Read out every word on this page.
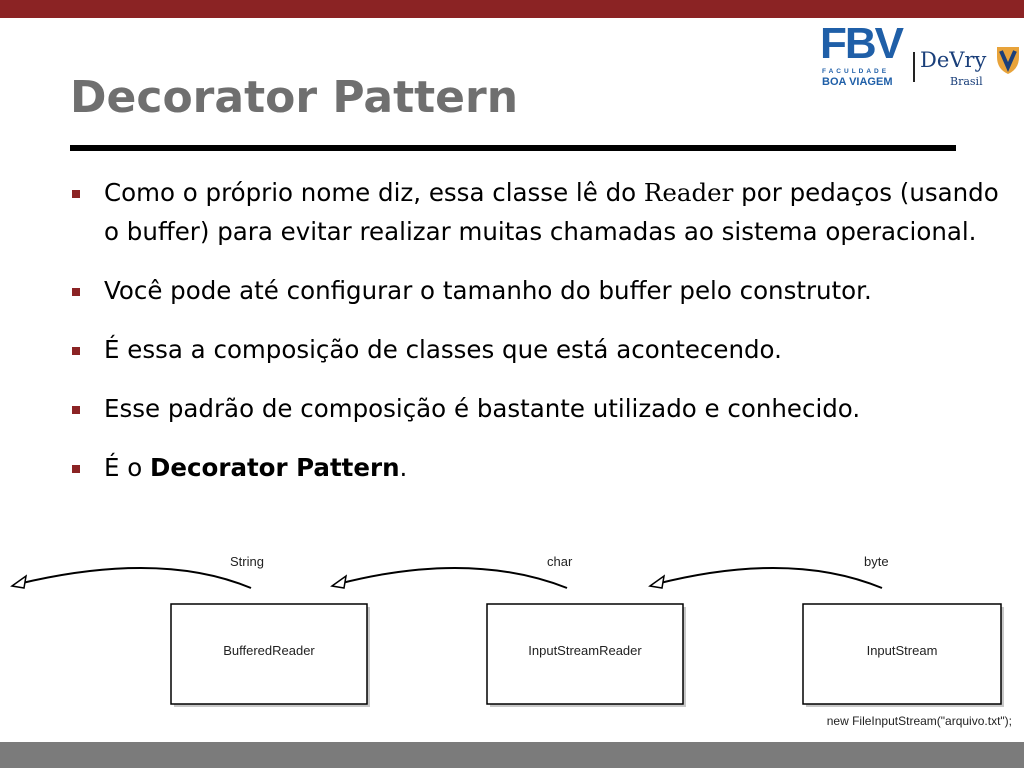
FBV
FACULDADE
BOA VIAGEM
DeVry
Brasil
Decorator Pattern
Como o próprio nome diz, essa classe lê do Reader por pedaços (usando o buffer) para evitar realizar muitas chamadas ao sistema operacional.
Você pode até configurar o tamanho do buffer pelo construtor.
É essa a composição de classes que está acontecendo.
Esse padrão de composição é bastante utilizado e conhecido.
É o Decorator Pattern.
String	char	byte
BufferedReader	InputStreamReader	InputStream
new FileInputStream("arquivo.txt");
